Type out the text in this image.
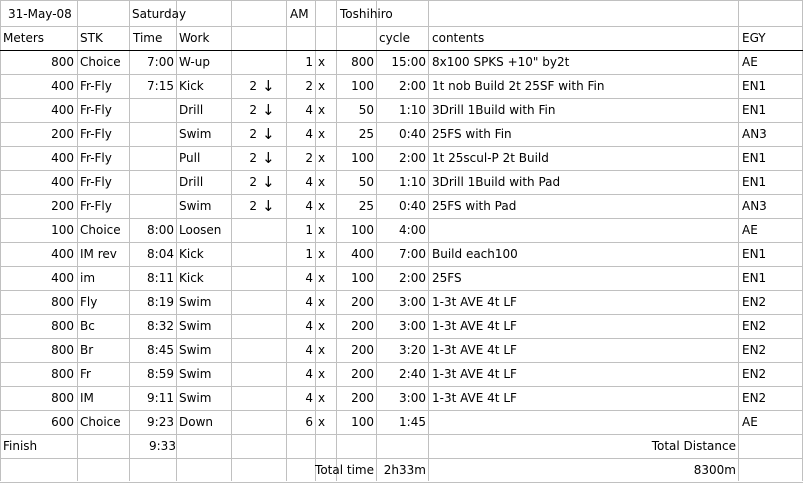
31-May-08	Saturday	AM	Toshihiro
Meters	STK	Time	Work	cycle	contents	EGY
800 Choice	7:00 W-up	1 x	800	15:00 8x100 SPKS +10" by2t	AE
400 Fr-Fly	7:15 Kick	2 ↓	2 x	100	2:00 1t nob Build 2t 25SF with Fin	EN1
400 Fr-Fly	Drill	2 ↓	4 x	50	1:10 3Drill 1Build with Fin	EN1
200 Fr-Fly	Swim	2 ↓	4 x	25	0:40 25FS with Fin	AN3
400 Fr-Fly	Pull	2 ↓	2 x	100	2:00 1t 25scul-P 2t Build	EN1
400 Fr-Fly	Drill	2 ↓	4 x	50	1:10 3Drill 1Build with Pad	EN1
200 Fr-Fly	Swim	2 ↓	4 x	25	0:40 25FS with Pad	AN3
100 Choice	8:00 Loosen	1 x	100	4:00	AE
400 IM rev	8:04 Kick	1 x	400	7:00 Build each100	EN1
400 im	8:11 Kick	4 x	100	2:00 25FS	EN1
800 Fly	8:19 Swim	4 x	200	3:00 1-3t AVE 4t LF	EN2
800 Bc	8:32 Swim	4 x	200	3:00 1-3t AVE 4t LF	EN2
800 Br	8:45 Swim	4 x	200	3:20 1-3t AVE 4t LF	EN2
800 Fr	8:59 Swim	4 x	200	2:40 1-3t AVE 4t LF	EN2
800 IM	9:11 Swim	4 x	200	3:00 1-3t AVE 4t LF	EN2
600 Choice	9:23 Down	6 x	100	1:45	AE
Finish	9:33	Total Distance
Total time 2h33m	8300m
